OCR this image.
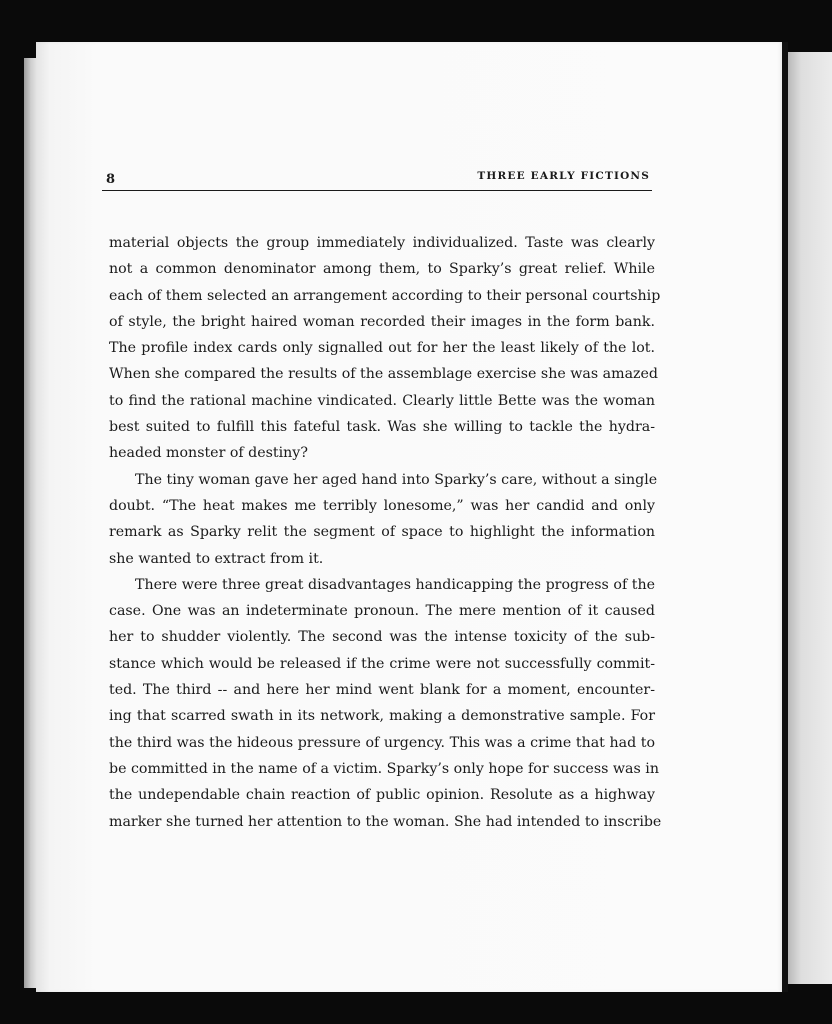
8	THREE EARLY FICTIONS
material objects the group immediately individualized. Taste was clearly
not a common denominator among them, to Sparky’s great relief. While
each of them selected an arrangement according to their personal courtship
of style, the bright haired woman recorded their images in the form bank.
The profile index cards only signalled out for her the least likely of the lot.
When she compared the results of the assemblage exercise she was amazed
to find the rational machine vindicated. Clearly little Bette was the woman
best suited to fulfill this fateful task. Was she willing to tackle the hydra-
headed monster of destiny?
The tiny woman gave her aged hand into Sparky’s care, without a single
doubt. “The heat makes me terribly lonesome,” was her candid and only
remark as Sparky relit the segment of space to highlight the information
she wanted to extract from it.
There were three great disadvantages handicapping the progress of the
case. One was an indeterminate pronoun. The mere mention of it caused
her to shudder violently. The second was the intense toxicity of the sub-
stance which would be released if the crime were not successfully commit-
ted. The third -- and here her mind went blank for a moment, encounter-
ing that scarred swath in its network, making a demonstrative sample. For
the third was the hideous pressure of urgency. This was a crime that had to
be committed in the name of a victim. Sparky’s only hope for success was in
the undependable chain reaction of public opinion. Resolute as a highway
marker she turned her attention to the woman. She had intended to inscribe
